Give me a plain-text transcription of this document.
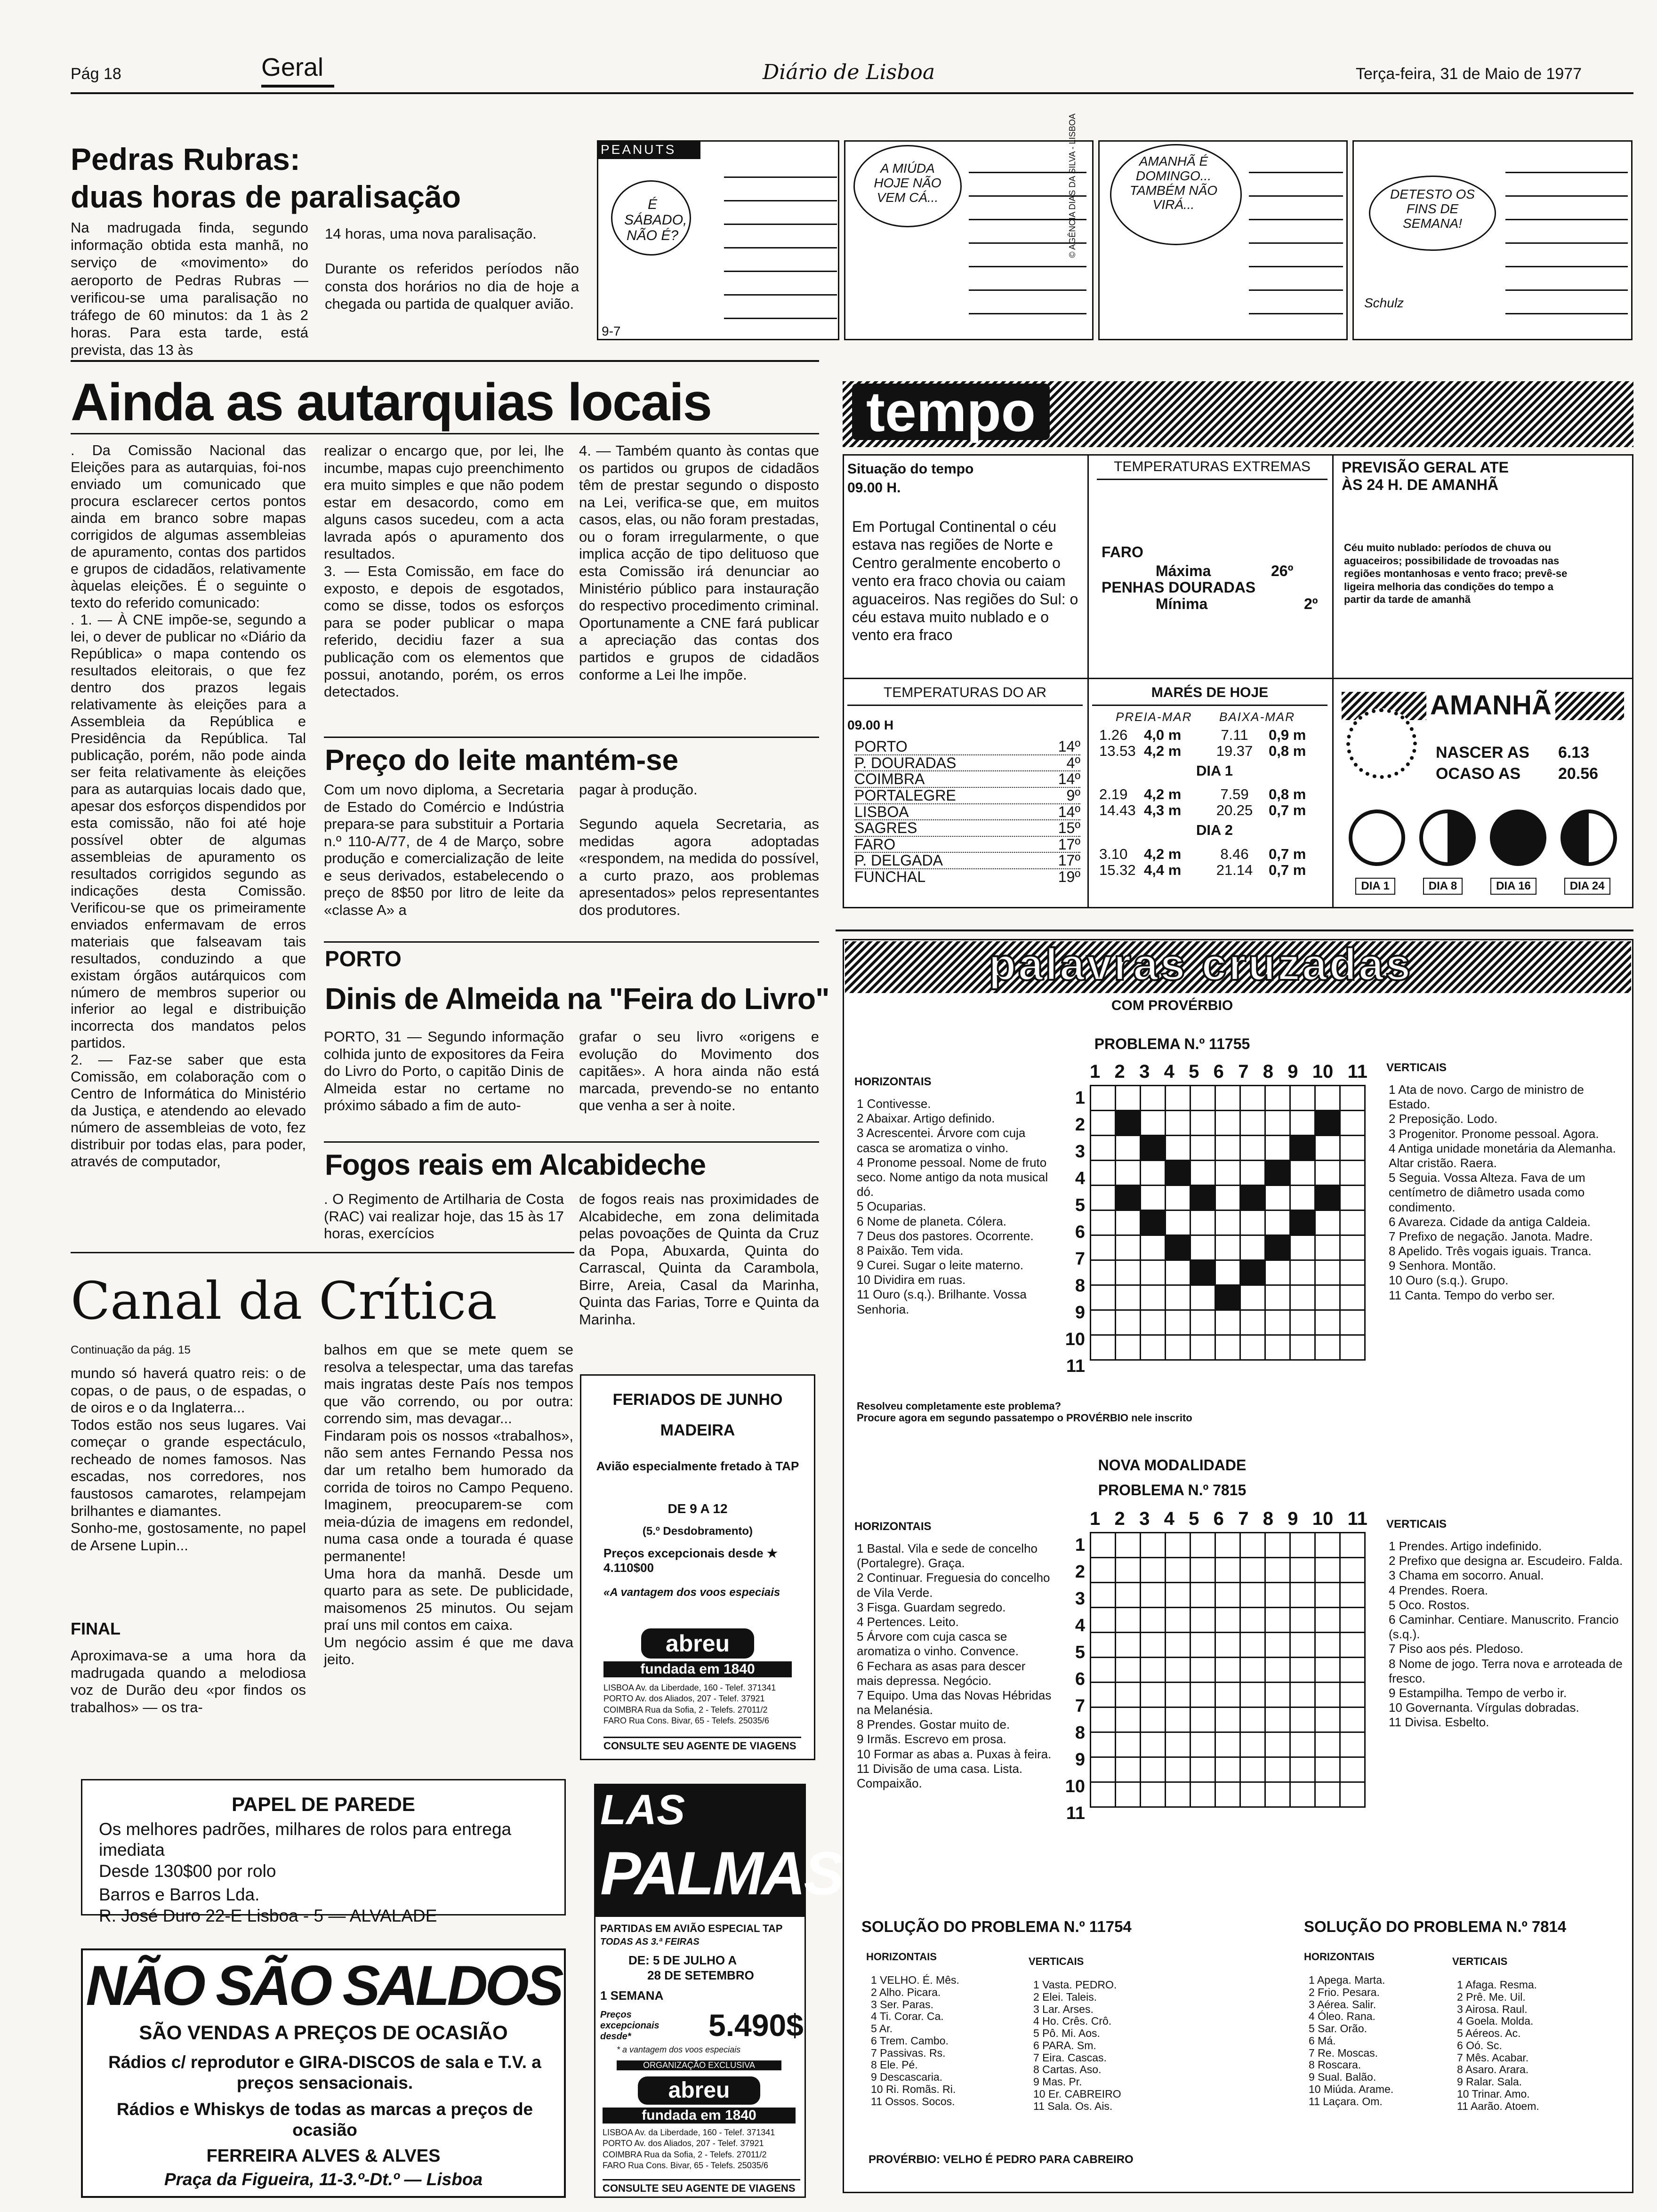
Pág 18	Geral	Diário de Lisboa	Terça-feira, 31 de Maio de 1977
Pedras Rubras:
duas horas de paralisação
Na madrugada finda, segundo informação obtida esta manhã, no serviço de «movimento» do aeroporto de Pedras Rubras — verificou-se uma paralisação no tráfego de 60 minutos: da 1 às 2 horas. Para esta tarde, está prevista, das 13 às
14 horas, uma nova paralisação.

Durante os referidos períodos não consta dos horários no dia de hoje a chegada ou partida de qualquer avião.
PEANUTS
É SÁBADO, NÃO É?
9-7
A MIÚDA HOJE NÃO VEM CÁ...	© AGÊNCIA DIAS DA SILVA - LISBOA	AMANHÃ É DOMINGO... TAMBÉM NÃO VIRÁ...
DETESTO OS FINS DE SEMANA!
Schulz
Ainda as autarquias locais
. Da Comissão Nacional das Eleições para as autarquias, foi-nos enviado um comunicado que procura esclarecer certos pontos ainda em branco sobre mapas corrigidos de algumas assembleias de apuramento, contas dos partidos e grupos de cidadãos, relativamente àquelas eleições. É o seguinte o texto do referido comunicado:
. 1. — À CNE impõe-se, segundo a lei, o dever de publicar no «Diário da República» o mapa contendo os resultados eleitorais, o que fez dentro dos prazos legais relativamente às eleições para a Assembleia da República e Presidência da República. Tal publicação, porém, não pode ainda ser feita relativamente às eleições para as autarquias locais dado que, apesar dos esforços dispendidos por esta comissão, não foi até hoje possível obter de algumas assembleias de apuramento os resultados corrigidos segundo as indicações desta Comissão. Verificou-se que os primeiramente enviados enfermavam de erros materiais que falseavam tais resultados, conduzindo a que existam órgãos autárquicos com número de membros superior ou inferior ao legal e distribuição incorrecta dos mandatos pelos partidos.
2. — Faz-se saber que esta Comissão, em colaboração com o Centro de Informática do Ministério da Justiça, e atendendo ao elevado número de assembleias de voto, fez distribuir por todas elas, para poder, através de computador,
realizar o encargo que, por lei, lhe incumbe, mapas cujo preenchimento era muito simples e que não podem estar em desacordo, como em alguns casos sucedeu, com a acta lavrada após o apuramento dos resultados.
3. — Esta Comissão, em face do exposto, e depois de esgotados, como se disse, todos os esforços para se poder publicar o mapa referido, decidiu fazer a sua publicação com os elementos que possui, anotando, porém, os erros detectados.
4. — Também quanto às contas que os partidos ou grupos de cidadãos têm de prestar segundo o disposto na Lei, verifica-se que, em muitos casos, elas, ou não foram prestadas, ou o foram irregularmente, o que implica acção de tipo delituoso que esta Comissão irá denunciar ao Ministério público para instauração do respectivo procedimento criminal. Oportunamente a CNE fará publicar a apreciação das contas dos partidos e grupos de cidadãos conforme a Lei lhe impõe.
Preço do leite mantém-se
Com um novo diploma, a Secretaria de Estado do Comércio e Indústria prepara-se para substituir a Portaria n.º 110-A/77, de 4 de Março, sobre produção e comercialização de leite e seus derivados, estabelecendo o preço de 8$50 por litro de leite da «classe A» a
pagar à produção.

Segundo aquela Secretaria, as medidas agora adoptadas «respondem, na medida do possível, a curto prazo, aos problemas apresentados» pelos representantes dos produtores.
PORTO
Dinis de Almeida na "Feira do Livro"
PORTO, 31 — Segundo informação colhida junto de expositores da Feira do Livro do Porto, o capitão Dinis de Almeida estar no certame no próximo sábado a fim de auto-
grafar o seu livro «origens e evolução do Movimento dos capitães». A hora ainda não está marcada, prevendo-se no entanto que venha a ser à noite.
Fogos reais em Alcabideche
. O Regimento de Artilharia de Costa (RAC) vai realizar hoje, das 15 às 17 horas, exercícios
de fogos reais nas proximidades de Alcabideche, em zona delimitada pelas povoações de Quinta da Cruz da Popa, Abuxarda, Quinta do Carrascal, Quinta da Carambola, Birre, Areia, Casal da Marinha, Quinta das Farias, Torre e Quinta da Marinha.
Canal da Crítica
Continuação da pág. 15
mundo só haverá quatro reis: o de copas, o de paus, o de espadas, o de oiros e o da Inglaterra...
Todos estão nos seus lugares. Vai começar o grande espectáculo, recheado de nomes famosos. Nas escadas, nos corredores, nos faustosos camarotes, relampejam brilhantes e diamantes.
Sonho-me, gostosamente, no papel de Arsene Lupin...
FINAL
Aproximava-se a uma hora da madrugada quando a melodiosa voz de Durão deu «por findos os trabalhos» — os tra-
balhos em que se mete quem se resolva a telespectar, uma das tarefas mais ingratas deste País nos tempos que vão correndo, ou por outra: correndo sim, mas devagar...
Findaram pois os nossos «trabalhos», não sem antes Fernando Pessa nos dar um retalho bem humorado da corrida de toiros no Campo Pequeno. Imaginem, preocuparem-se com meia-dúzia de imagens em redondel, numa casa onde a tourada é quase permanente!
Uma hora da manhã. Desde um quarto para as sete. De publicidade, maisomenos 25 minutos. Ou sejam praí uns mil contos em caixa.
Um negócio assim é que me dava jeito.
FERIADOS DE JUNHO
MADEIRA
Avião especialmente fretado à TAP
DE 9 A 12
(5.º Desdobramento)
Preços excepcionais desde ★ 4.110$00
«A vantagem dos voos especiais
abreu
fundada em 1840
LISBOA Av. da Liberdade, 160 - Telef. 371341
PORTO Av. dos Aliados, 207 - Telef. 37921
COIMBRA Rua da Sofia, 2 - Telefs. 27011/2
FARO Rua Cons. Bivar, 65 - Telefs. 25035/6
CONSULTE SEU AGENTE DE VIAGENS
LAS
PALMAS
PARTIDAS EM AVIÃO ESPECIAL TAP
TODAS AS 3.ª FEIRAS
DE: 5 DE JULHO A
28 DE SETEMBRO
1 SEMANA
Preços excepcionais desde*	5.490$
* a vantagem dos voos especiais
ORGANIZAÇÃO EXCLUSIVA
abreu
fundada em 1840
LISBOA Av. da Liberdade, 160 - Telef. 371341
PORTO Av. dos Aliados, 207 - Telef. 37921
COIMBRA Rua da Sofia, 2 - Telefs. 27011/2
FARO Rua Cons. Bivar, 65 - Telefs. 25035/6
CONSULTE SEU AGENTE DE VIAGENS
PAPEL DE PAREDE
Os melhores padrões, milhares de rolos para entrega imediata
Desde 130$00 por rolo
Barros e Barros Lda.
R. José Duro 22-E Lisboa - 5 — ALVALADE
NÃO SÃO SALDOS
SÃO VENDAS A PREÇOS DE OCASIÃO
Rádios c/ reprodutor e GIRA-DISCOS de sala e T.V. a preços sensacionais.
Rádios e Whiskys de todas as marcas a preços de ocasião
FERREIRA ALVES & ALVES
Praça da Figueira, 11-3.º-Dt.º — Lisboa
tempo
Situação do tempo
09.00 H.
Em Portugal Continental o céu estava nas regiões de Norte e Centro geralmente encoberto o vento era fraco chovia ou caiam aguaceiros. Nas regiões do Sul: o céu estava muito nublado e o vento era fraco
TEMPERATURAS EXTREMAS
FARO
Máxima	26º
PENHAS DOURADAS
Mínima	2º
PREVISÃO GERAL ATE ÀS 24 H. DE AMANHÃ
Céu muito nublado: períodos de chuva ou aguaceiros; possibilidade de trovoadas nas regiões montanhosas e vento fraco; prevê-se ligeira melhoria das condições do tempo a partir da tarde de amanhã
TEMPERATURAS DO AR
09.00 H
PORTO	14º
P. DOURADAS	4º
COIMBRA	14º
PORTALEGRE	9º
LISBOA	14º
SAGRES	15º
FARO	17º
P. DELGADA	17º
FUNCHAL	19º
MARÉS DE HOJE
PREIA-MAR BAIXA-MAR
1.26	4,0 m	7.11	0,9 m
13.53 4,2 m	19.37	0,8 m
DIA 1
2.19	4,2 m	7.59	0,8 m
14.43 4,3 m	20.25	0,7 m
DIA 2
3.10	4,2 m	8.46	0,7 m
15.32 4,4 m	21.14	0,7 m
AMANHÃ
NASCER AS 6.13
OCASO AS 20.56
DIA 1	DIA 8	DIA 16	DIA 24
palavras cruzadas
COM PROVÉRBIO
PROBLEMA N.º 11755
1 2 3 4 5 6 7 8 9 10 11
1
2
3
4
5
6
7
8
9
10
11

HORIZONTAIS
1 Contivesse.
2 Abaixar. Artigo definido.
3 Acrescentei. Árvore com cuja casca se aromatiza o vinho.
4 Pronome pessoal. Nome de fruto seco. Nome antigo da nota musical dó.
5 Ocuparias.
6 Nome de planeta. Cólera.
7 Deus dos pastores. Ocorrente.
8 Paixão. Tem vida.
9 Curei. Sugar o leite materno.
10 Dividira em ruas.
11 Ouro (s.q.). Brilhante. Vossa Senhoria.
VERTICAIS
1 Ata de novo. Cargo de ministro de Estado.
2 Preposição. Lodo.
3 Progenitor. Pronome pessoal. Agora.
4 Antiga unidade monetária da Alemanha. Altar cristão. Raera.
5 Seguia. Vossa Alteza. Fava de um centímetro de diâmetro usada como condimento.
6 Avareza. Cidade da antiga Caldeia.
7 Prefixo de negação. Janota. Madre.
8 Apelido. Três vogais iguais. Tranca.
9 Senhora. Montão.
10 Ouro (s.q.). Grupo.
11 Canta. Tempo do verbo ser.
Resolveu completamente este problema?
Procure agora em segundo passatempo o PROVÉRBIO nele inscrito
NOVA MODALIDADE
PROBLEMA N.º 7815
1 2 3 4 5 6 7 8 9 10 11
1
2
3
4
5
6
7
8
9
10
11

HORIZONTAIS
1 Bastal. Vila e sede de concelho (Portalegre). Graça.
2 Continuar. Freguesia do concelho de Vila Verde.
3 Fisga. Guardam segredo.
4 Pertences. Leito.
5 Árvore com cuja casca se aromatiza o vinho. Convence.
6 Fechara as asas para descer mais depressa. Negócio.
7 Equipo. Uma das Novas Hébridas na Melanésia.
8 Prendes. Gostar muito de.
9 Irmãs. Escrevo em prosa.
10 Formar as abas a. Puxas à feira.
11 Divisão de uma casa. Lista. Compaixão.
VERTICAIS
1 Prendes. Artigo indefinido.
2 Prefixo que designa ar. Escudeiro. Falda.
3 Chama em socorro. Anual.
4 Prendes. Roera.
5 Oco. Rostos.
6 Caminhar. Centiare. Manuscrito. Francio (s.q.).
7 Piso aos pés. Pledoso.
8 Nome de jogo. Terra nova e arroteada de fresco.
9 Estampilha. Tempo de verbo ir.
10 Governanta. Vírgulas dobradas.
11 Divisa. Esbelto.
SOLUÇÃO DO PROBLEMA N.º 11754	SOLUÇÃO DO PROBLEMA N.º 7814
HORIZONTAIS	VERTICAIS	HORIZONTAIS	VERTICAIS
1 VELHO. É. Mês.
2 Alho. Picara.
3 Ser. Paras.
4 Ti. Corar. Ca.
5 Ar.
6 Trem. Cambo.
7 Passivas. Rs.
8 Ele. Pé.
9 Descascaria.
10 Ri. Romãs. Ri.
11 Ossos. Socos.
1 Vasta. PEDRO.
2 Elei. Taleis.
3 Lar. Arses.
4 Ho. Crês. Crô.
5 Pô. Mi. Aos.
6 PARA. Sm.
7 Eira. Cascas.
8 Cartas. Aso.
9 Mas. Pr.
10 Er. CABREIRO
11 Sala. Os. Ais.
1 Apega. Marta.
2 Frio. Pesara.
3 Aérea. Salir.
4 Óleo. Rana.
5 Sar. Orão.
6 Má.
7 Re. Moscas.
8 Roscara.
9 Sual. Balão.
10 Miúda. Arame.
11 Laçara. Om.
1 Afaga. Resma.
2 Prê. Me. Uil.
3 Airosa. Raul.
4 Goela. Molda.
5 Aéreos. Ac.
6 Oó. Sc.
7 Mês. Acabar.
8 Asaro. Arara.
9 Ralar. Sala.
10 Trinar. Amo.
11 Aarão. Atoem.
PROVÉRBIO: VELHO É PEDRO PARA CABREIRO
